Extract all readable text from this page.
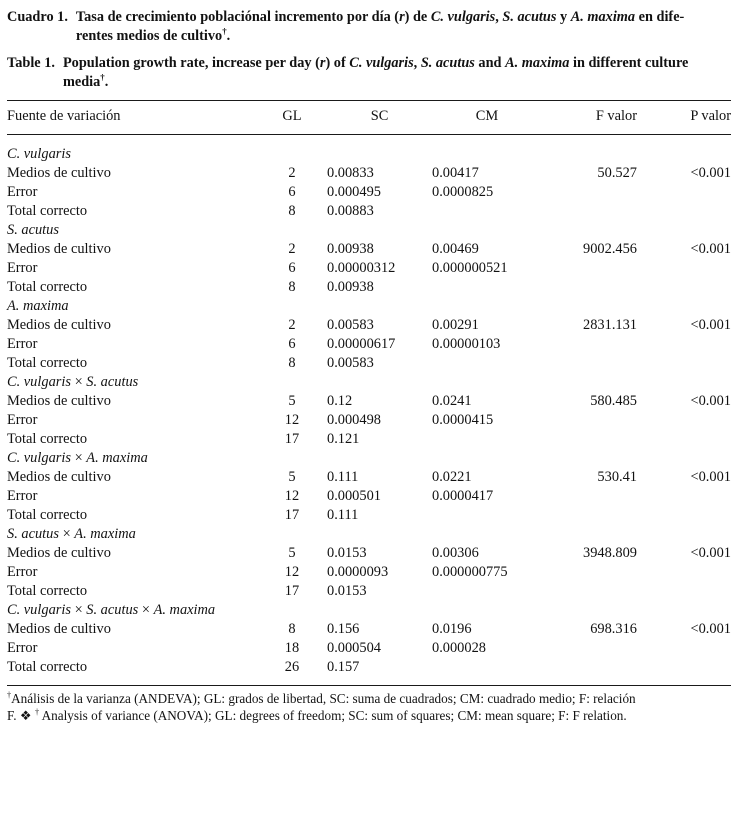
Cuadro 1. Tasa de crecimiento poblaciónal incremento por día (r) de C. vulgaris, S. acutus y A. maxima en dife-
rentes medios de cultivo†.
Table 1. Population growth rate, increase per day (r) of C. vulgaris, S. acutus and A. maxima in different culture
media†.
Fuente de variación	GL	SC	CM	F valor	P valor
C. vulgaris					
Medios de cultivo	2	0.00833	0.00417	50.527	<0.001
Error	6	0.000495	0.0000825		
Total correcto	8	0.00883			
S. acutus					
Medios de cultivo	2	0.00938	0.00469	9002.456	<0.001
Error	6	0.00000312	0.000000521		
Total correcto	8	0.00938			
A. maxima					
Medios de cultivo	2	0.00583	0.00291	2831.131	<0.001
Error	6	0.00000617	0.00000103		
Total correcto	8	0.00583			
C. vulgaris × S. acutus					
Medios de cultivo	5	0.12	0.0241	580.485	<0.001
Error	12	0.000498	0.0000415		
Total correcto	17	0.121			
C. vulgaris × A. maxima					
Medios de cultivo	5	0.111	0.0221	530.41	<0.001
Error	12	0.000501	0.0000417		
Total correcto	17	0.111			
S. acutus × A. maxima					
Medios de cultivo	5	0.0153	0.00306	3948.809	<0.001
Error	12	0.0000093	0.000000775		
Total correcto	17	0.0153			
C. vulgaris × S. acutus × A. maxima					
Medios de cultivo	8	0.156	0.0196	698.316	<0.001
Error	18	0.000504	0.000028		
Total correcto	26	0.157			
†Análisis de la varianza (ANDEVA); GL: grados de libertad, SC: suma de cuadrados; CM: cuadrado medio; F: relación
F. ❖ † Analysis of variance (ANOVA); GL: degrees of freedom; SC: sum of squares; CM: mean square; F: F relation.
